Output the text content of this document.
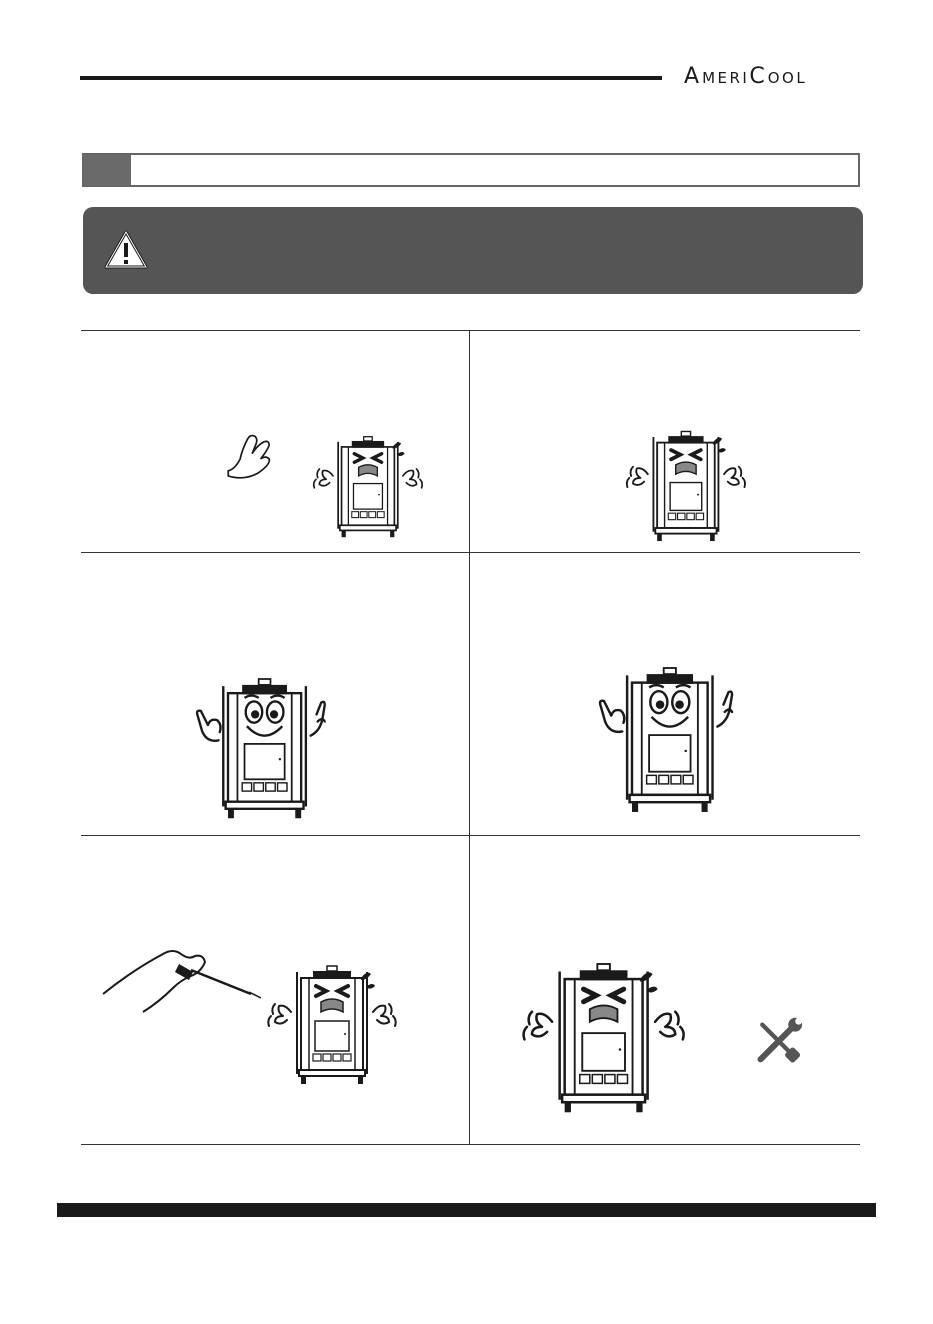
AMERICOOL
